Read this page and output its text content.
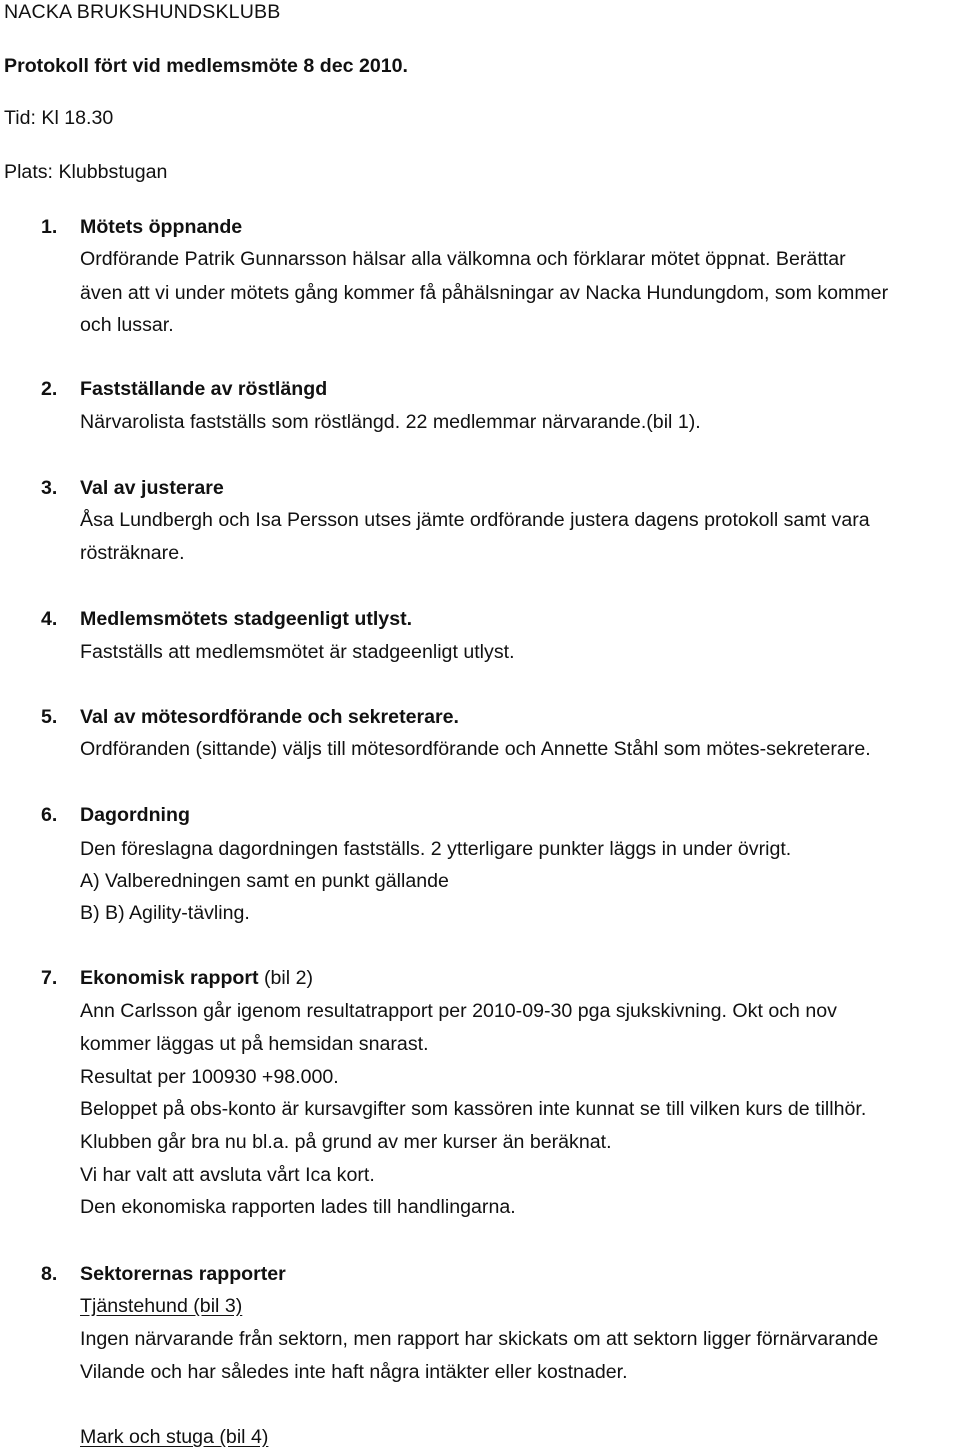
NACKA BRUKSHUNDSKLUBB
Protokoll fört vid medlemsmöte 8 dec 2010.
Tid: Kl 18.30
Plats: Klubbstugan
1. Mötets öppnande
Ordförande Patrik Gunnarsson hälsar alla välkomna och förklarar mötet öppnat. Berättar
även att vi under mötets gång kommer få påhälsningar av Nacka Hundungdom, som kommer
och lussar.
2. Fastställande av röstlängd
Närvarolista fastställs som röstlängd. 22 medlemmar närvarande.(bil 1).
3. Val av justerare
Åsa Lundbergh och Isa Persson utses jämte ordförande justera dagens protokoll samt vara
rösträknare.
4. Medlemsmötets stadgeenligt utlyst.
Fastställs att medlemsmötet är stadgeenligt utlyst.
5. Val av mötesordförande och sekreterare.
Ordföranden (sittande) väljs till mötesordförande och Annette Ståhl som mötes-sekreterare.
6. Dagordning
Den föreslagna dagordningen fastställs. 2 ytterligare punkter läggs in under övrigt.
A) Valberedningen samt en punkt gällande
B) B) Agility-tävling.
7. Ekonomisk rapport (bil 2)
Ann Carlsson går igenom resultatrapport per 2010-09-30 pga sjukskivning. Okt och nov
kommer läggas ut på hemsidan snarast.
Resultat per 100930 +98.000.
Beloppet på obs-konto är kursavgifter som kassören inte kunnat se till vilken kurs de tillhör.
Klubben går bra nu bl.a. på grund av mer kurser än beräknat.
Vi har valt att avsluta vårt Ica kort.
Den ekonomiska rapporten lades till handlingarna.
8. Sektorernas rapporter
Tjänstehund (bil 3)
Ingen närvarande från sektorn, men rapport har skickats om att sektorn ligger förnärvarande
Vilande och har således inte haft några intäkter eller kostnader.
Mark och stuga (bil 4)
